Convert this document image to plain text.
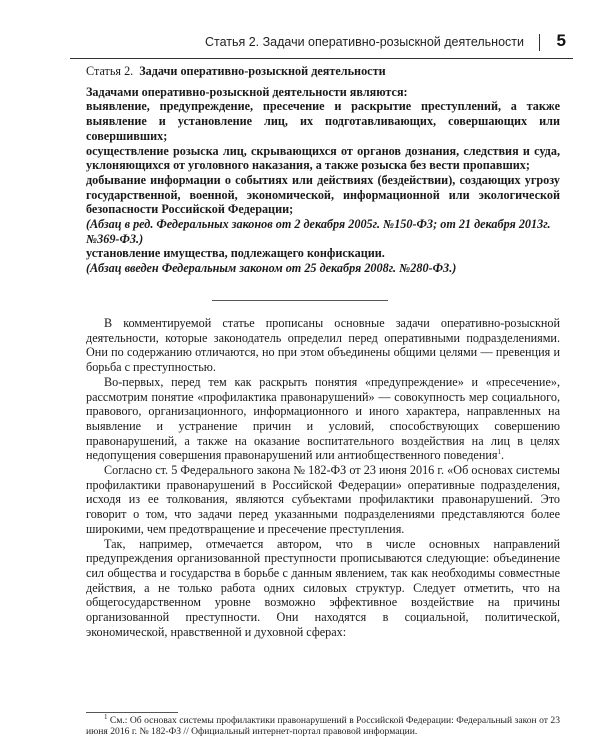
Статья 2. Задачи оперативно-розыскной деятельности 5

Статья 2. Задачи оперативно-розыскной деятельности

Задачами оперативно-розыскной деятельности являются:

выявление, предупреждение, пресечение и раскрытие преступлений, а также выявление и установление лиц, их подготавливающих, совершающих или совершивших;

осуществление розыска лиц, скрывающихся от органов дознания, следствия и суда, уклоняющихся от уголовного наказания, а также розыска без вести пропавших;

добывание информации о событиях или действиях (бездействии), создающих угрозу государственной, военной, экономической, информационной или экологической безопасности Российской Федерации;

(Абзац в ред. Федеральных законов от 2 декабря 2005г. №150-ФЗ; от 21 декабря 2013г. №369-ФЗ.)

установление имущества, подлежащего конфискации.

(Абзац введен Федеральным законом от 25 декабря 2008г. №280-ФЗ.)

В комментируемой статье прописаны основные задачи оперативно-розыскной деятельности, которые законодатель определил перед оперативными подразделениями. Они по содержанию отличаются, но при этом объединены общими целями — превенция и борьба с преступностью.

Во-первых, перед тем как раскрыть понятия «предупреждение» и «пресечение», рассмотрим понятие «профилактика правонарушений» — совокупность мер социального, правового, организационного, информационного и иного характера, направленных на выявление и устранение причин и условий, способствующих совершению правонарушений, а также на оказание воспитательного воздействия на лиц в целях недопущения совершения правонарушений или антиобщественного поведения$^1$.

Согласно ст. 5 Федерального закона № 182-ФЗ от 23 июня 2016 г. «Об основах системы профилактики правонарушений в Российской Федерации» оперативные подразделения, исходя из ее толкования, являются субъектами профилактики правонарушений. Это говорит о том, что задачи перед указанными подразделениями представляются более широкими, чем предотвращение и пресечение преступления.

Так, например, отмечается автором, что в числе основных направлений предупреждения организованной преступности прописываются следующие: объединение сил общества и государства в борьбе с данным явлением, так как необходимы совместные действия, а не только работа одних силовых структур. Следует отметить, что на общегосударственном уровне возможно эффективное воздействие на причины организованной преступности. Они находятся в социальной, политической, экономической, нравственной и духовной сферах:

$^1$ См.: Об основах системы профилактики правонарушений в Российской Федерации: Федеральный закон от 23 июня 2016 г. № 182-ФЗ // Официальный интернет-портал правовой информации.
